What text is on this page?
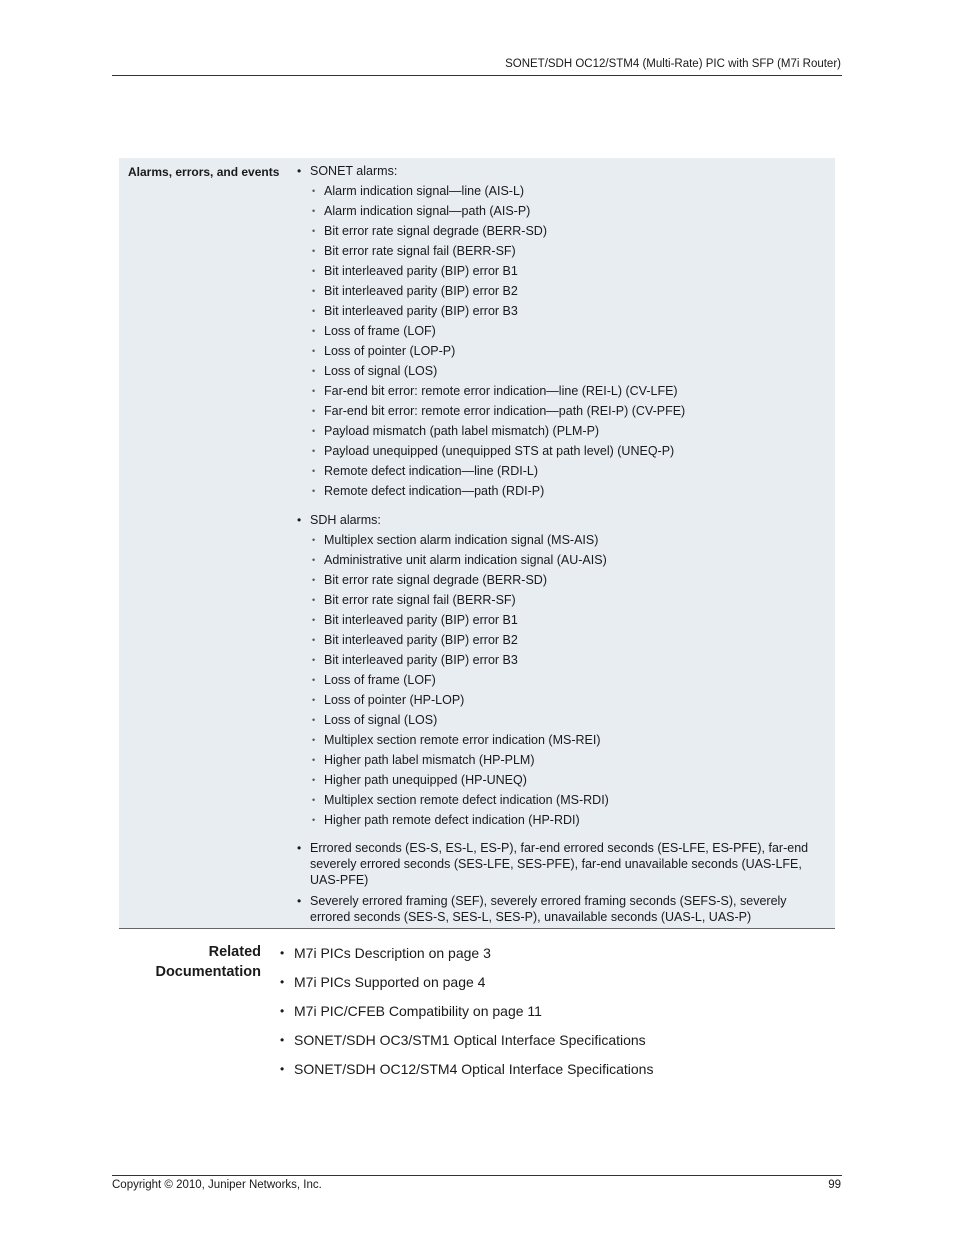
SONET/SDH OC12/STM4 (Multi-Rate) PIC with SFP (M7i Router)
Alarms, errors, and events
•	SONET alarms:
• Alarm indication signal—line (AIS-L)
• Alarm indication signal—path (AIS-P)
• Bit error rate signal degrade (BERR-SD)
• Bit error rate signal fail (BERR-SF)
• Bit interleaved parity (BIP) error B1
• Bit interleaved parity (BIP) error B2
• Bit interleaved parity (BIP) error B3
• Loss of frame (LOF)
• Loss of pointer (LOP-P)
• Loss of signal (LOS)
• Far-end bit error: remote error indication—line (REI-L) (CV-LFE)
• Far-end bit error: remote error indication—path (REI-P) (CV-PFE)
• Payload mismatch (path label mismatch) (PLM-P)
• Payload unequipped (unequipped STS at path level) (UNEQ-P)
• Remote defect indication—line (RDI-L)
• Remote defect indication—path (RDI-P)
• SDH alarms:
• Multiplex section alarm indication signal (MS-AIS)
• Administrative unit alarm indication signal (AU-AIS)
• Bit error rate signal degrade (BERR-SD)
• Bit error rate signal fail (BERR-SF)
• Bit interleaved parity (BIP) error B1
• Bit interleaved parity (BIP) error B2
• Bit interleaved parity (BIP) error B3
• Loss of frame (LOF)
• Loss of pointer (HP-LOP)
• Loss of signal (LOS)
• Multiplex section remote error indication (MS-REI)
• Higher path label mismatch (HP-PLM)
• Higher path unequipped (HP-UNEQ)
• Multiplex section remote defect indication (MS-RDI)
• Higher path remote defect indication (HP-RDI)
• Errored seconds (ES-S, ES-L, ES-P), far-end errored seconds (ES-LFE, ES-PFE), far-end severely errored seconds (SES-LFE, SES-PFE), far-end unavailable seconds (UAS-LFE, UAS-PFE)
• Severely errored framing (SEF), severely errored framing seconds (SEFS-S), severely errored seconds (SES-S, SES-L, SES-P), unavailable seconds (UAS-L, UAS-P)
Related
Documentation
• M7i PICs Description on page 3
• M7i PICs Supported on page 4
• M7i PIC/CFEB Compatibility on page 11
• SONET/SDH OC3/STM1 Optical Interface Specifications
• SONET/SDH OC12/STM4 Optical Interface Specifications
Copyright © 2010, Juniper Networks, Inc.	99
